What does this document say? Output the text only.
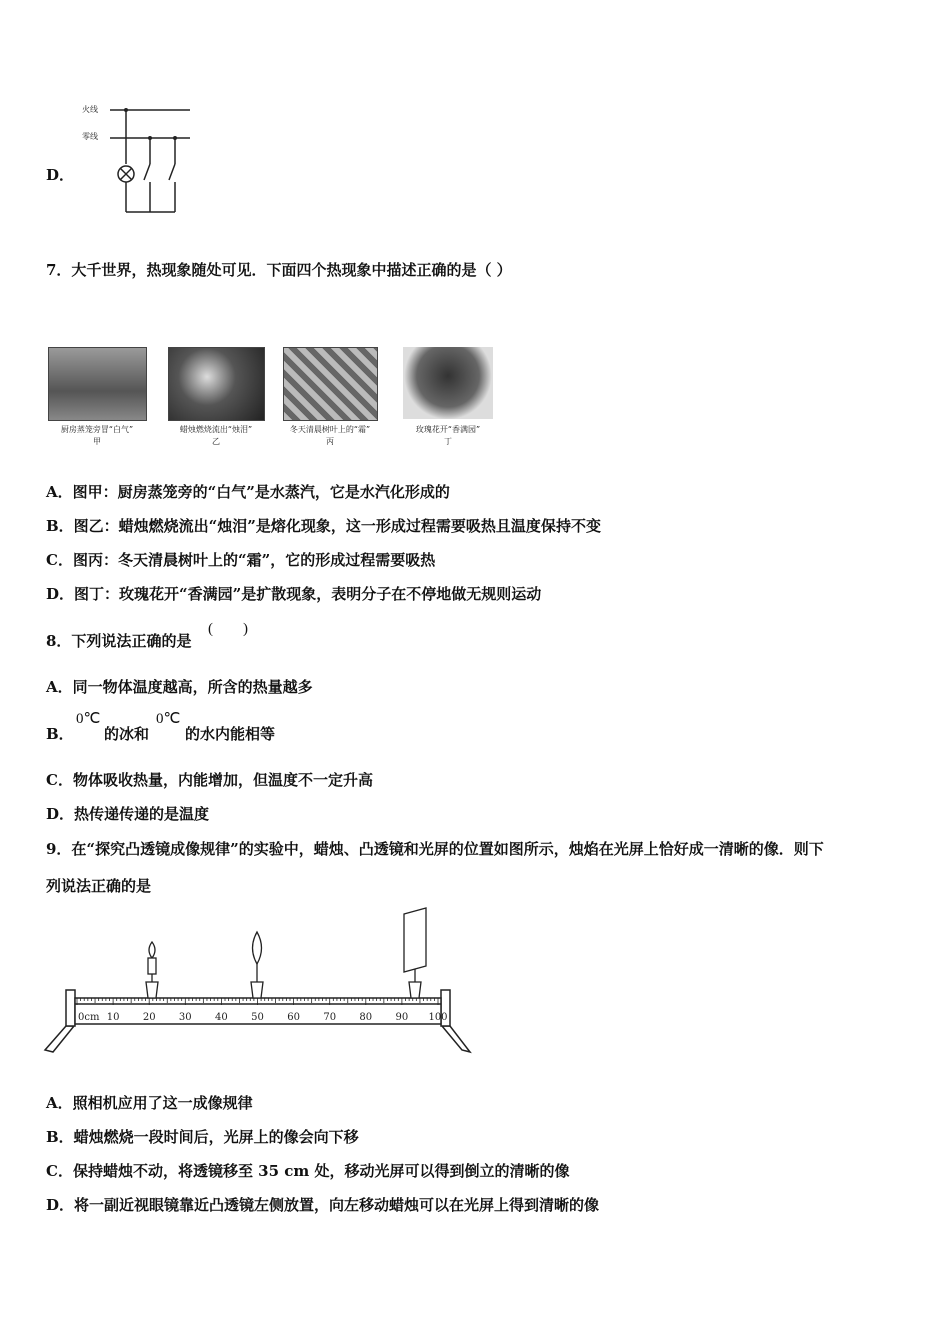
D．
火线
零线
7．大千世界，热现象随处可见．下面四个热现象中描述正确的是（ ）
厨房蒸笼旁冒“白气”
甲
蜡烛燃烧流出“烛泪”
乙
冬天清晨树叶上的“霜”
丙
玫瑰花开“香满园”
丁
A．图甲：厨房蒸笼旁的“白气”是水蒸汽，它是水汽化形成的
B．图乙：蜡烛燃烧流出“烛泪”是熔化现象，这一形成过程需要吸热且温度保持不变
C．图丙：冬天清晨树叶上的“霜”，它的形成过程需要吸热
D．图丁：玫瑰花开“香满园”是扩散现象，表明分子在不停地做无规则运动
8．下列说法正确的是
(　　)
A．同一物体温度越高，所含的热量越多
B．
0℃
的冰和
0℃
的水内能相等
C．物体吸收热量，内能增加，但温度不一定升高
D．热传递传递的是温度
9．在“探究凸透镜成像规律”的实验中，蜡烛、凸透镜和光屏的位置如图所示，烛焰在光屏上恰好成一清晰的像．则下
列说法正确的是
0cm 10 20 30 40 50 60 70 80 90 100
A．照相机应用了这一成像规律
B．蜡烛燃烧一段时间后，光屏上的像会向下移
C．保持蜡烛不动，将透镜移至 35 cm 处，移动光屏可以得到倒立的清晰的像
D．将一副近视眼镜靠近凸透镜左侧放置，向左移动蜡烛可以在光屏上得到清晰的像
